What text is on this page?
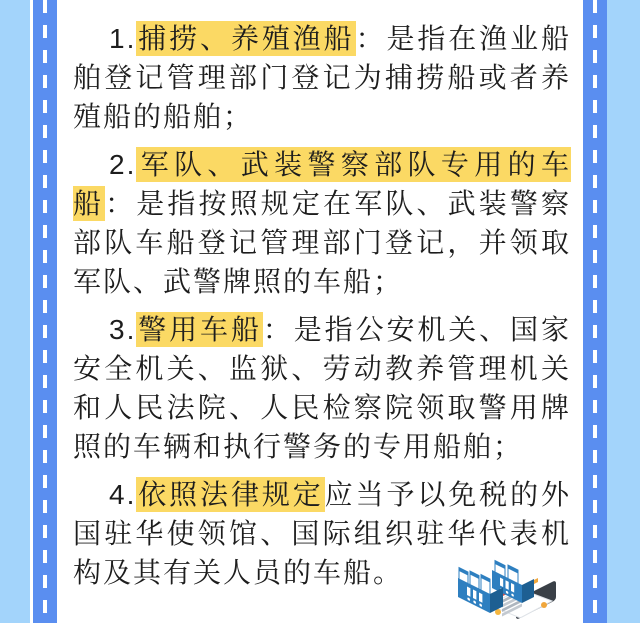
1.捕捞、养殖渔船：是指在渔业船舶登记管理部门登记为捕捞船或者养殖船的船舶；

2.军队、武装警察部队专用的车船：是指按照规定在军队、武装警察部队车船登记管理部门登记，并领取军队、武警牌照的车船；

3.警用车船：是指公安机关、国家安全机关、监狱、劳动教养管理机关和人民法院、人民检察院领取警用牌照的车辆和执行警务的专用船舶；

4.依照法律规定应当予以免税的外国驻华使领馆、国际组织驻华代表机构及其有关人员的车船。
